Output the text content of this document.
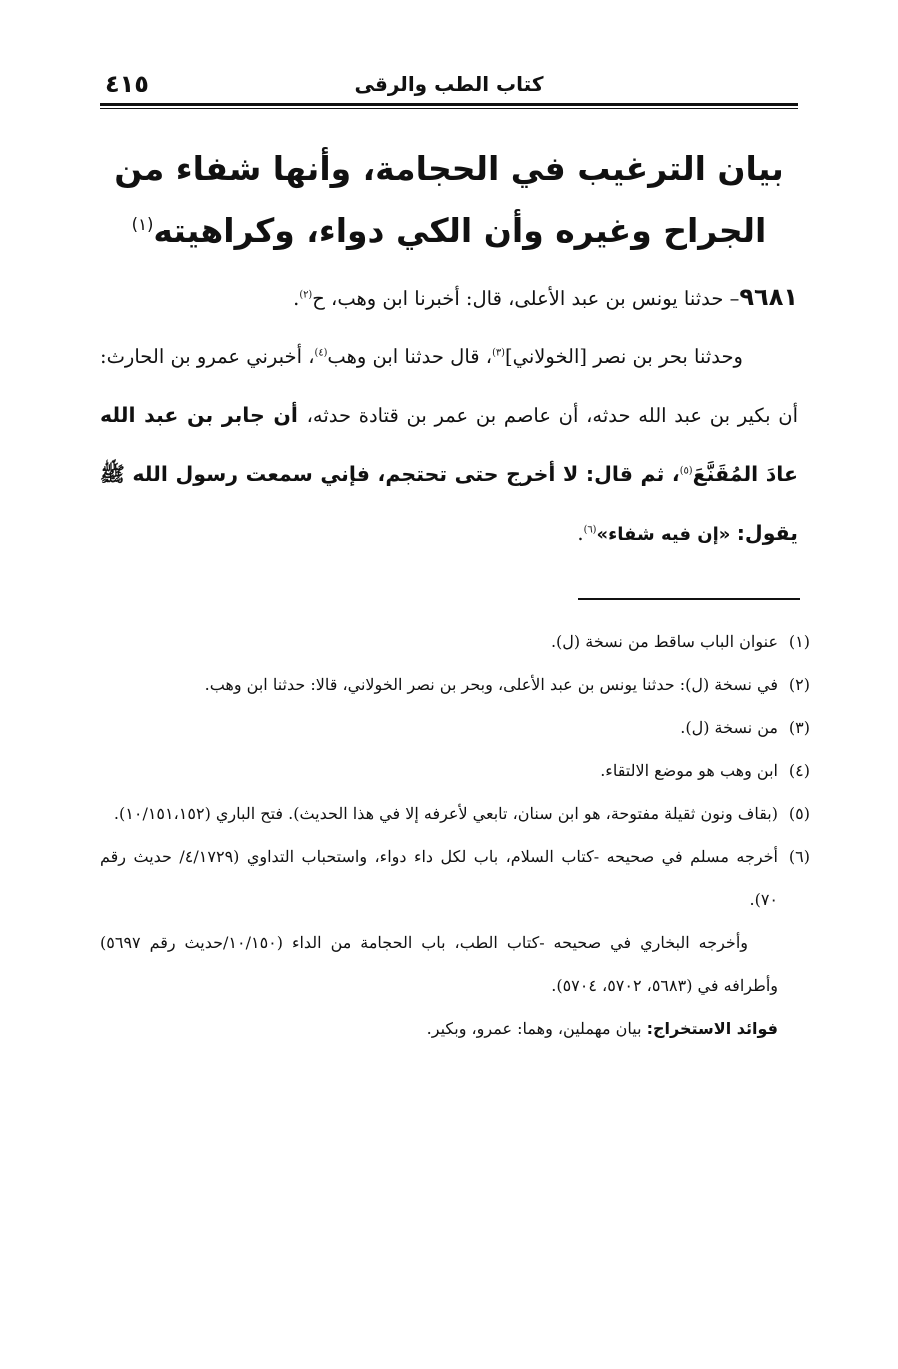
كتاب الطب والرقى
٤١٥
بيان الترغيب في الحجامة، وأنها شفاء من الجراح وغيره وأن الكي دواء، وكراهيته$^{(١)}$

٩٦٨١– حدثنا يونس بن عبد الأعلى، قال: أخبرنا ابن وهب، ح$^{(٢)}$.

وحدثنا بحر بن نصر [الخولاني]$^{(٣)}$، قال حدثنا ابن وهب$^{(٤)}$، أخبرني عمرو بن الحارث: أن بكير بن عبد الله حدثه، أن عاصم بن عمر بن قتادة حدثه، أن جابر بن عبد الله عادَ المُقَنَّعَ$^{(٥)}$، ثم قال: لا أخرج حتى تحتجم، فإني سمعت رسول الله ﷺ يقول: «إن فيه شفاء»$^{(٦)}$.

(١)
عنوان الباب ساقط من نسخة (ل).

(٢)
في نسخة (ل): حدثنا يونس بن عبد الأعلى، وبحر بن نصر الخولاني، قالا: حدثنا ابن وهب.

(٣)
من نسخة (ل).

(٤)
ابن وهب هو موضع الالتقاء.

(٥)
(بقاف ونون ثقيلة مفتوحة، هو ابن سنان، تابعي لأعرفه إلا في هذا الحديث). فتح الباري (١٠/١٥١،١٥٢).

(٦)
أخرجه مسلم في صحيحه -كتاب السلام، باب لكل داء دواء، واستحباب التداوي (٤/١٧٢٩/ حديث رقم ٧٠).

وأخرجه البخاري في صحيحه -كتاب الطب، باب الحجامة من الداء (١٠/١٥٠/حديث رقم ٥٦٩٧) وأطرافه في (٥٦٨٣، ٥٧٠٢، ٥٧٠٤).

فوائد الاستخراج: بيان مهملين، وهما: عمرو، وبكير.
